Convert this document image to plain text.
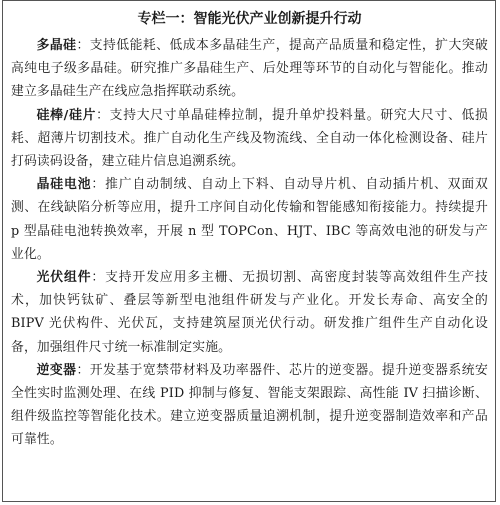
专栏一：智能光伏产业创新提升行动

多晶硅：支持低能耗、低成本多晶硅生产，提高产品质量和稳定性，扩大突破高纯电子级多晶硅。研究推广多晶硅生产、后处理等环节的自动化与智能化。推动建立多晶硅生产在线应急指挥联动系统。

硅棒/硅片：支持大尺寸单晶硅棒拉制，提升单炉投料量。研究大尺寸、低损耗、超薄片切割技术。推广自动化生产线及物流线、全自动一体化检测设备、硅片打码读码设备，建立硅片信息追溯系统。

晶硅电池：推广自动制绒、自动上下料、自动导片机、自动插片机、双面双测、在线缺陷分析等应用，提升工序间自动化传输和智能感知衔接能力。持续提升 p 型晶硅电池转换效率，开展 n 型 TOPCon、HJT、IBC 等高效电池的研发与产业化。

光伏组件：支持开发应用多主栅、无损切割、高密度封装等高效组件生产技术，加快钙钛矿、叠层等新型电池组件研发与产业化。开发长寿命、高安全的 BIPV 光伏构件、光伏瓦，支持建筑屋顶光伏行动。研发推广组件生产自动化设备，加强组件尺寸统一标准制定实施。

逆变器：开发基于宽禁带材料及功率器件、芯片的逆变器。提升逆变器系统安全性实时监测处理、在线 PID 抑制与修复、智能支架跟踪、高性能 IV 扫描诊断、组件级监控等智能化技术。建立逆变器质量追溯机制，提升逆变器制造效率和产品可靠性。
